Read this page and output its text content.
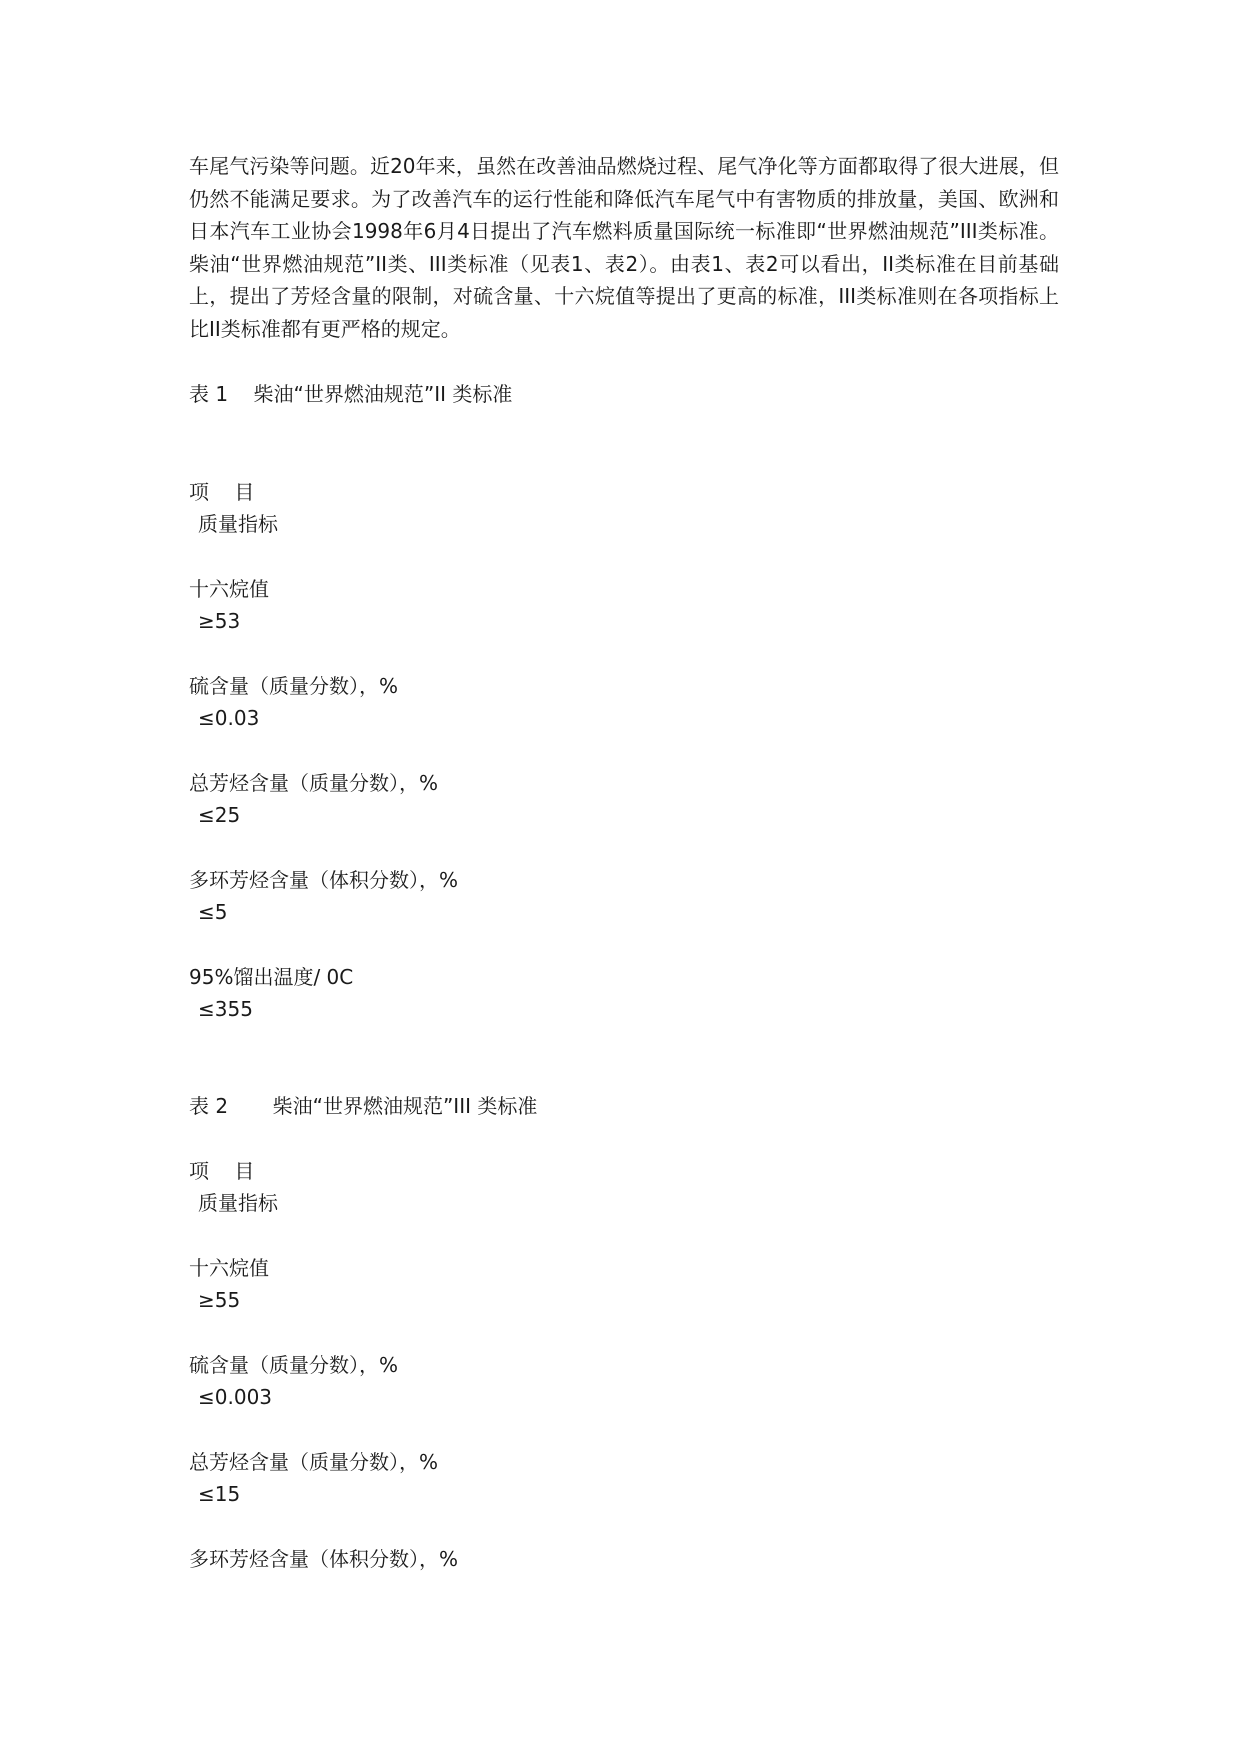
车尾气污染等问题。近20年来，虽然在改善油品燃烧过程、尾气净化等方面都取得了很大进展，但仍然不能满足要求。为了改善汽车的运行性能和降低汽车尾气中有害物质的排放量，美国、欧洲和日本汽车工业协会1998年6月4日提出了汽车燃料质量国际统一标准即“世界燃油规范”III类标准。柴油“世界燃油规范”II类、III类标准（见表1、表2）。由表1、表2可以看出，II类标准在目前基础上，提出了芳烃含量的限制，对硫含量、十六烷值等提出了更高的标准，III类标准则在各项指标上比II类标准都有更严格的规定。

表 1    柴油“世界燃油规范”II 类标准
项    目
质量指标
十六烷值
≥53
硫含量（质量分数），%
≤0.03
总芳烃含量（质量分数），%
≤25
多环芳烃含量（体积分数），%
≤5
95%馏出温度/ 0C
≤355
表 2       柴油“世界燃油规范”III 类标准
项    目
质量指标
十六烷值
≥55
硫含量（质量分数），%
≤0.003
总芳烃含量（质量分数），%
≤15
多环芳烃含量（体积分数），%
